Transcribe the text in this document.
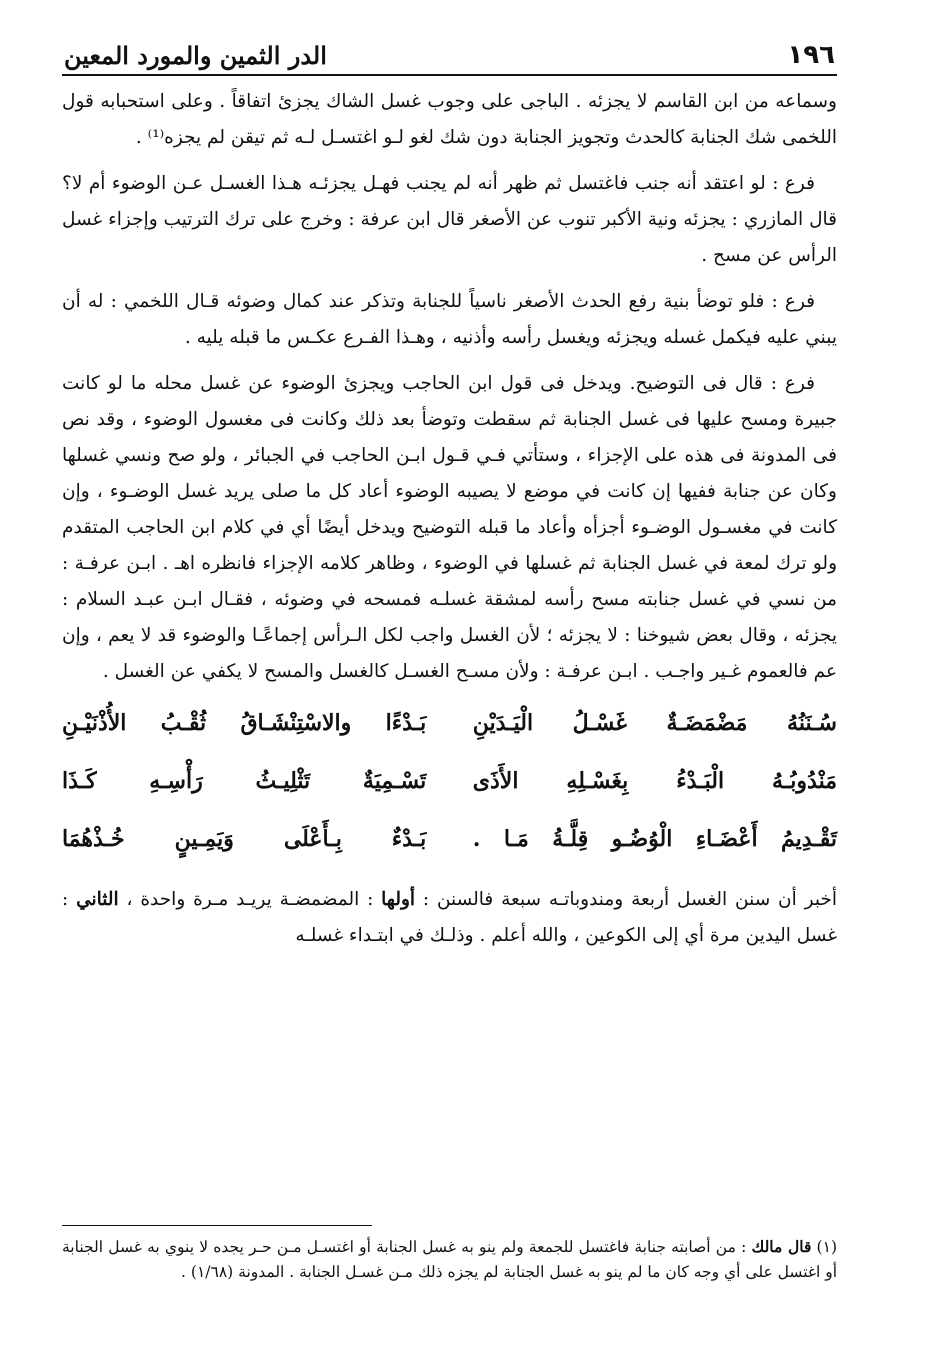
١٩٦
الدر الثمين والمورد المعين

وسماعه من ابن القاسم لا يجزئه . الباجى على وجوب غسل الشاك يجزئ اتفاقاً . وعلى استحبابه قول اللخمى شك الجنابة كالحدث وتجويز الجنابة دون شك لغو لـو اغتسـل لـه ثم تيقن لم يجزه⁽¹⁾ .

فرع : لو اعتقد أنه جنب فاغتسل ثم ظهر أنه لم يجنب فهـل يجزئـه هـذا الغسـل عـن الوضوء أم لا؟ قال المازري : يجزئه ونية الأكبر تنوب عن الأصغر قال ابن عرفة : وخرج على ترك الترتيب وإجزاء غسل الرأس عن مسح .

فرع : فلو توضأ بنية رفع الحدث الأصغر ناسياً للجنابة وتذكر عند كمال وضوئه قـال اللخمي : له أن يبني عليه فيكمل غسله ويجزئه ويغسل رأسه وأذنيه ، وهـذا الفـرع عكـس ما قبله يليه .

فرع : قال فى التوضيح. ويدخل فى قول ابن الحاجب ويجزئ الوضوء عن غسل محله ما لو كانت جبيرة ومسح عليها فى غسل الجنابة ثم سقطت وتوضأ بعد ذلك وكانت فى مغسول الوضوء ، وقد نص فى المدونة فى هذه على الإجزاء ، وستأتي فـي قـول ابـن الحاجب في الجبائر ، ولو صح ونسي غسلها وكان عن جنابة ففيها إن كانت في موضع لا يصيبه الوضوء أعاد كل ما صلى يريد غسل الوضـوء ، وإن كانت في مغسـول الوضـوء أجزأه وأعاد ما قبله التوضيح ويدخل أيضًا أي في كلام ابن الحاجب المتقدم ولو ترك لمعة في غسل الجنابة ثم غسلها في الوضوء ، وظاهر كلامه الإجزاء فانظره اهـ . ابـن عرفـة : من نسي في غسل جنابته مسح رأسه لمشقة غسلـه فمسحه في وضوئه ، فقـال ابـن عبـد السلام : يجزئه ، وقال بعض شيوخنا : لا يجزئه ؛ لأن الغسل واجب لكل الـرأس إجماعًـا والوضوء قد لا يعم ، وإن عم فالعموم غـير واجـب . ابـن عرفـة : ولأن مسـح الغسـل كالغسل والمسح لا يكفي عن الغسل .

سُـنَنُهُ مَضْمَضَـةٌ غَسْـلُ الْيَـدَيْنِ
بَـدْءًا والاسْتِنْشَـاقُ ثُقْـبُ الأُذْنَيْـنِ
مَنْدُوبُـهُ الْبَـدْءُ بِغَسْـلِهِ الأَذَى
تَسْـمِيَةٌ تَثْلِيـثُ رَأْسِـهِ كَـذَا
تَقْـدِيمُ أَعْضَـاءِ الْوُضُـو قِلَّـةُ مَـا .
بَـدْءٌ بِـأَعْلَى وَيَمِـينٍ خُـذْهُمَا

أخبر أن سنن الغسل أربعة ومندوباتـه سبعة فالسنن : أولها : المضمضـة يريـد مـرة واحدة ، الثاني : غسل اليدين مرة أي إلى الكوعين ، والله أعلم . وذلـك في ابتـداء غسلـه

(١) قال مالك : من أصابته جنابة فاغتسل للجمعة ولم ينو به غسل الجنابة أو اغتسـل مـن حـر يجده لا ينوي به غسل الجنابة أو اغتسل على أي وجه كان ما لم ينو به غسل الجنابة لم يجزه ذلك مـن غسـل الجنابة . المدونة (١/٦٨) .
